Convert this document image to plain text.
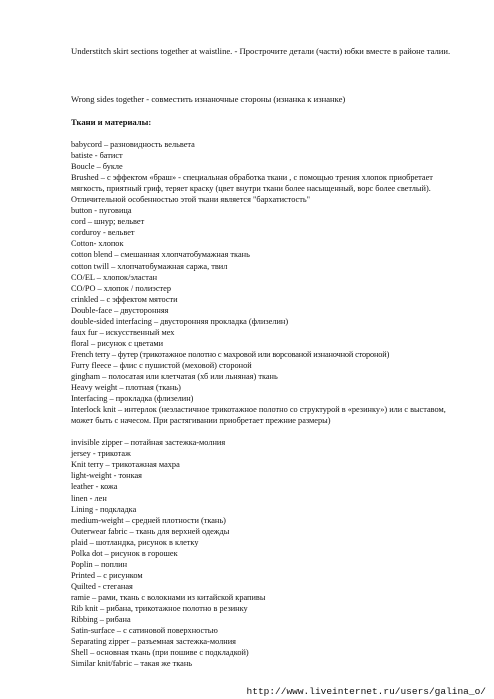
Understitch skirt sections together at waistline. - Прострочите детали (части) юбки вместе в районе талии.
Wrong sides together - совместить изнаночные стороны (изнанка к изнанке)
Ткани и материалы:
babycord – разновидность вельвета
batiste - батист
Boucle – букле
Brushed – с эффектом «браш» - специальная обработка ткани , с помощью трения хлопок приобретает мягкость, приятный гриф, теряет краску (цвет внутри ткани более насыщенный, ворс более светлый). Отличительной особенностью этой ткани является "бархатистость"
button - пуговица
cord – шнур; вельвет
corduroy - вельвет
Cotton- хлопок
cotton blend – смешанная хлопчатобумажная ткань
cotton twill – хлопчатобумажная саржа, твил
CO/EL – хлопок/эластан
CO/PO – хлопок / полиэстер
crinkled – с эффектом мятости
Double-face – двусторонняя
double-sided interfacing – двусторонняя прокладка (флизелин)
faux fur – искусственный мех
floral – рисунок с цветами
French terry – футер (трикотажное полотно с махровой или ворсованой изнаночной стороной)
Furry fleece – флис с пушистой (меховой) стороной
gingham – полосатая или клетчатая (хб или льняная) ткань
Heavy weight – плотная (ткань)
Interfacing – прокладка (флизелин)
Interlock knit – интерлок (неэластичное трикотажное полотно со структурой в «резинку») или с выставом, может быть с начесом. При растягивании приобретает прежние размеры)
invisible zipper – потайная застежка-молния
jersey - трикотаж
Knit terry – трикотажная махра
light-weight - тонкая
leather - кожа
linen - лен
Lining - подкладка
medium-weight – средней плотности (ткань)
Outerwear fabric – ткань для верхней одежды
plaid – шотландка, рисунок в клетку
Polka dot – рисунок в горошек
Poplin – поплин
Printed – с рисунком
Quilted - стеганая
ramie – рами, ткань с волокнами из китайской крапивы
Rib knit – рибана, трикотажное полотно в резинку
Ribbing – рибана
Satin-surface – с сатиновой поверхностью
Separating zipper – разъемная застежка-молния
Shell – основная ткань (при пошиве с подкладкой)
Similar knit/fabric – такая же ткань
http://www.liveinternet.ru/users/galina_o/
